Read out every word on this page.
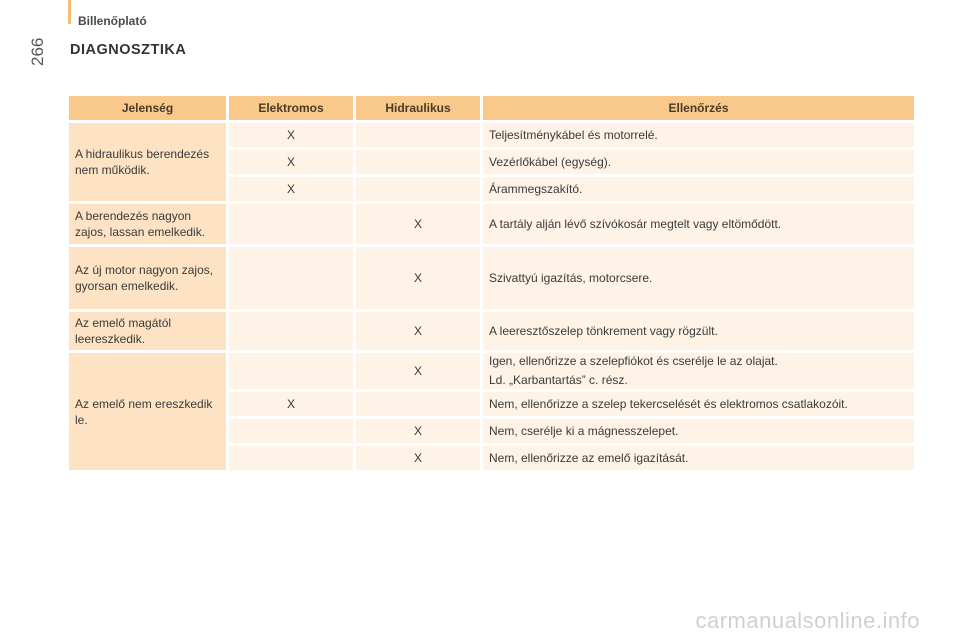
Billenőplató
266 DIAGNOSZTIKA
Jelenség	Elektromos	Hidraulikus	Ellenőrzés
A hidraulikus berendezés nem működik.	X		Teljesítménykábel és motorrelé.
	X		Vezérlőkábel (egység).
	X		Árammegszakító.
A berendezés nagyon zajos, lassan emelkedik.		X	A tartály alján lévő szívókosár megtelt vagy eltömődött.
Az új motor nagyon zajos, gyorsan emelkedik.		X	Szivattyú igazítás, motorcsere.
Az emelő magától leereszkedik.		X	A leeresztőszelep tönkrement vagy rögzült.
Az emelő nem ereszkedik le.		X	Igen, ellenőrizze a szelepfiókot és cserélje le az olajat.
Ld. „Karbantartás” c. rész.

	X		Nem, ellenőrizze a szelep tekercselését és elektromos csatlakozóit.
		X	Nem, cserélje ki a mágnesszelepet.
		X	Nem, ellenőrizze az emelő igazítását.
carmanualsonline.info
